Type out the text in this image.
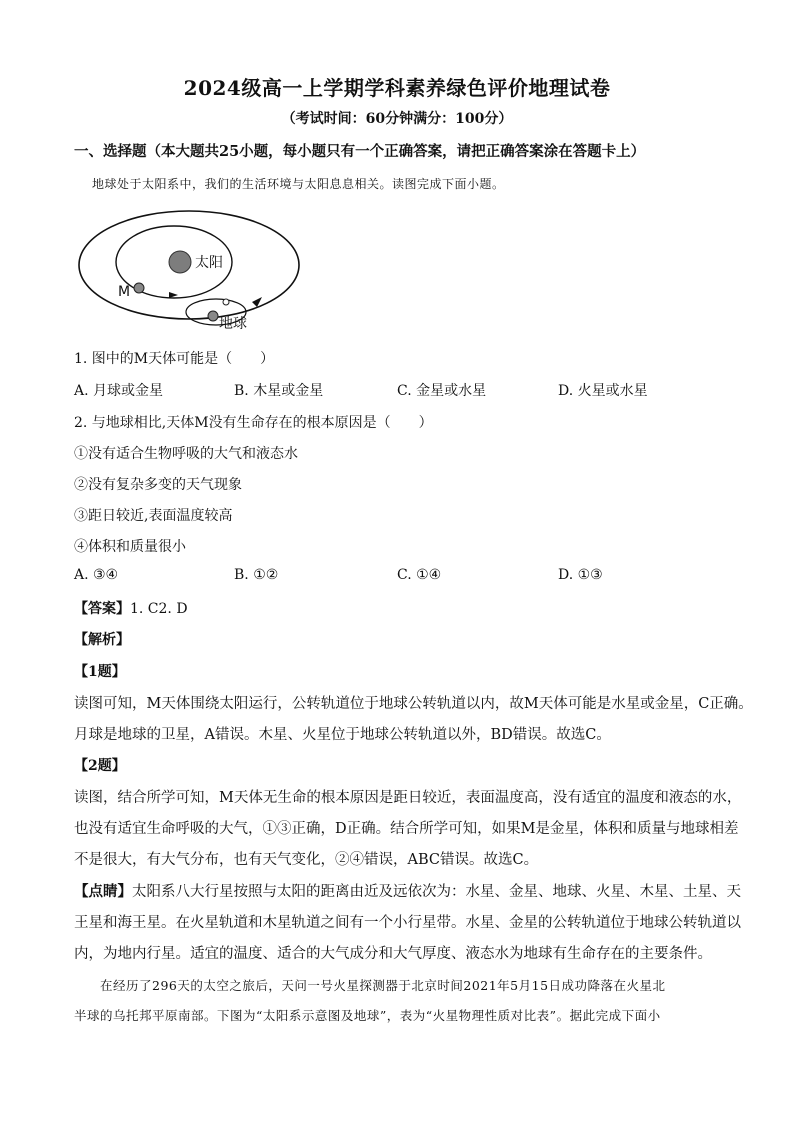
2024级高一上学期学科素养绿色评价地理试卷
（考试时间：60分钟满分：100分）
一、选择题（本大题共25小题，每小题只有一个正确答案，请把正确答案涂在答题卡上）
地球处于太阳系中，我们的生活环境与太阳息息相关。读图完成下面小题。
太阳
M
地球
1. 图中的M天体可能是（　　）
A. 月球或金星	B. 木星或金星	C. 金星或水星	D. 火星或水星
2. 与地球相比,天体M没有生命存在的根本原因是（　　）
①没有适合生物呼吸的大气和液态水
②没有复杂多变的天气现象
③距日较近,表面温度较高
④体积和质量很小
A. ③④	B. ①②	C. ①④	D. ①③
【答案】1. C2. D
【解析】
【1题】
读图可知，M天体围绕太阳运行，公转轨道位于地球公转轨道以内，故M天体可能是水星或金星，C正确。
月球是地球的卫星，A错误。木星、火星位于地球公转轨道以外，BD错误。故选C。
【2题】
读图，结合所学可知，M天体无生命的根本原因是距日较近，表面温度高，没有适宜的温度和液态的水，
也没有适宜生命呼吸的大气，①③正确，D正确。结合所学可知，如果M是金星，体积和质量与地球相差
不是很大，有大气分布，也有天气变化，②④错误，ABC错误。故选C。
【点睛】太阳系八大行星按照与太阳的距离由近及远依次为：水星、金星、地球、火星、木星、土星、天
王星和海王星。在火星轨道和木星轨道之间有一个小行星带。水星、金星的公转轨道位于地球公转轨道以
内，为地内行星。适宜的温度、适合的大气成分和大气厚度、液态水为地球有生命存在的主要条件。
在经历了296天的太空之旅后，天问一号火星探测器于北京时间2021年5月15日成功降落在火星北
半球的乌托邦平原南部。下图为“太阳系示意图及地球”，表为“火星物理性质对比表”。据此完成下面小
